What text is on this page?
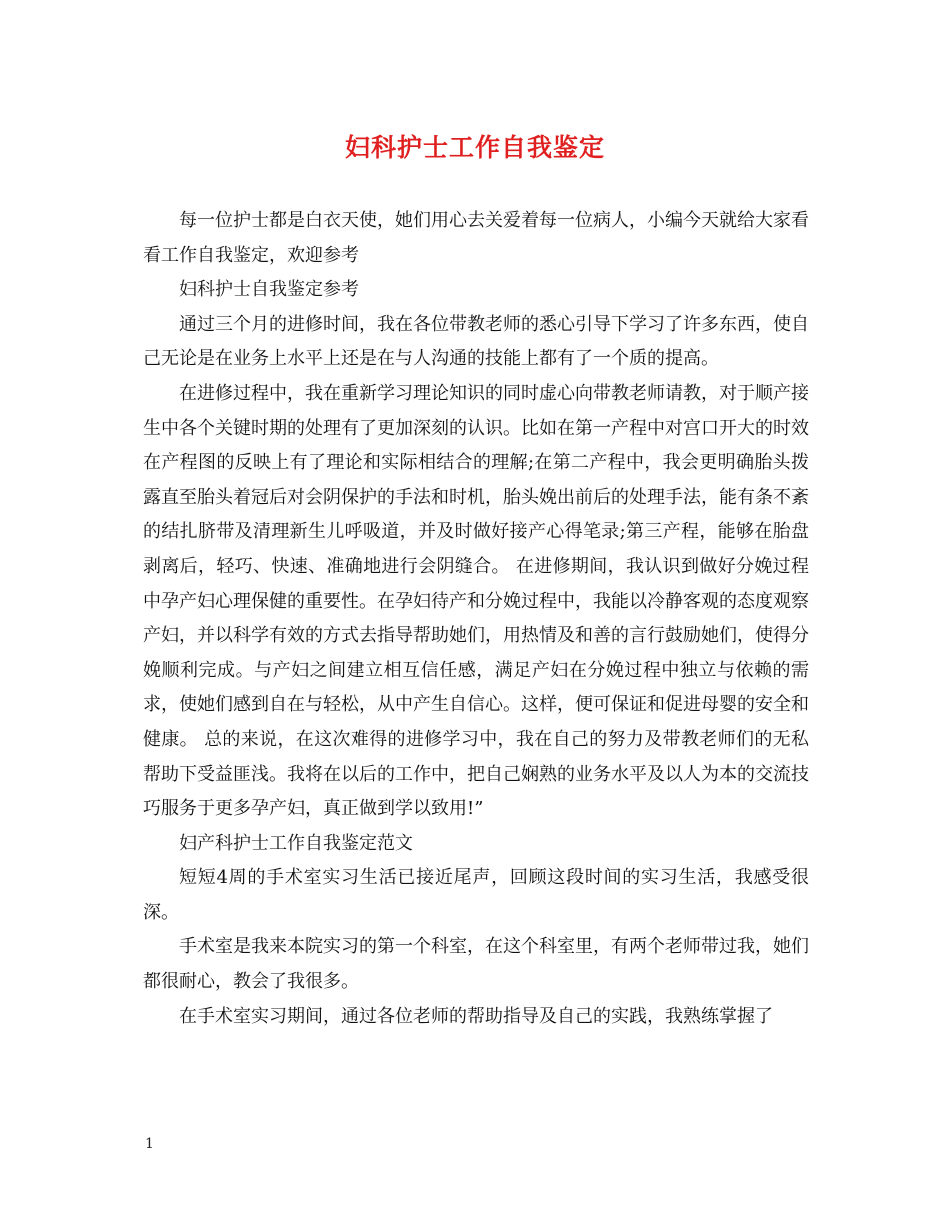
妇科护士工作自我鉴定

每一位护士都是白衣天使，她们用心去关爱着每一位病人，小编今天就给大家看看工作自我鉴定，欢迎参考

妇科护士自我鉴定参考

通过三个月的进修时间，我在各位带教老师的悉心引导下学习了许多东西，使自己无论是在业务上水平上还是在与人沟通的技能上都有了一个质的提高。

在进修过程中，我在重新学习理论知识的同时虚心向带教老师请教，对于顺产接生中各个关键时期的处理有了更加深刻的认识。比如在第一产程中对宫口开大的时效在产程图的反映上有了理论和实际相结合的理解;在第二产程中，我会更明确胎头拨露直至胎头着冠后对会阴保护的手法和时机，胎头娩出前后的处理手法，能有条不紊的结扎脐带及清理新生儿呼吸道，并及时做好接产心得笔录;第三产程，能够在胎盘剥离后，轻巧、快速、准确地进行会阴缝合。 在进修期间，我认识到做好分娩过程中孕产妇心理保健的重要性。在孕妇待产和分娩过程中，我能以冷静客观的态度观察产妇，并以科学有效的方式去指导帮助她们，用热情及和善的言行鼓励她们，使得分娩顺利完成。与产妇之间建立相互信任感，满足产妇在分娩过程中独立与依赖的需求，使她们感到自在与轻松，从中产生自信心。这样，便可保证和促进母婴的安全和健康。 总的来说，在这次难得的进修学习中，我在自己的努力及带教老师们的无私帮助下受益匪浅。我将在以后的工作中，把自己娴熟的业务水平及以人为本的交流技巧服务于更多孕产妇，真正做到学以致用!”

妇产科护士工作自我鉴定范文

短短4周的手术室实习生活已接近尾声，回顾这段时间的实习生活，我感受很深。

手术室是我来本院实习的第一个科室，在这个科室里，有两个老师带过我，她们都很耐心，教会了我很多。

在手术室实习期间，通过各位老师的帮助指导及自己的实践，我熟练掌握了

1
